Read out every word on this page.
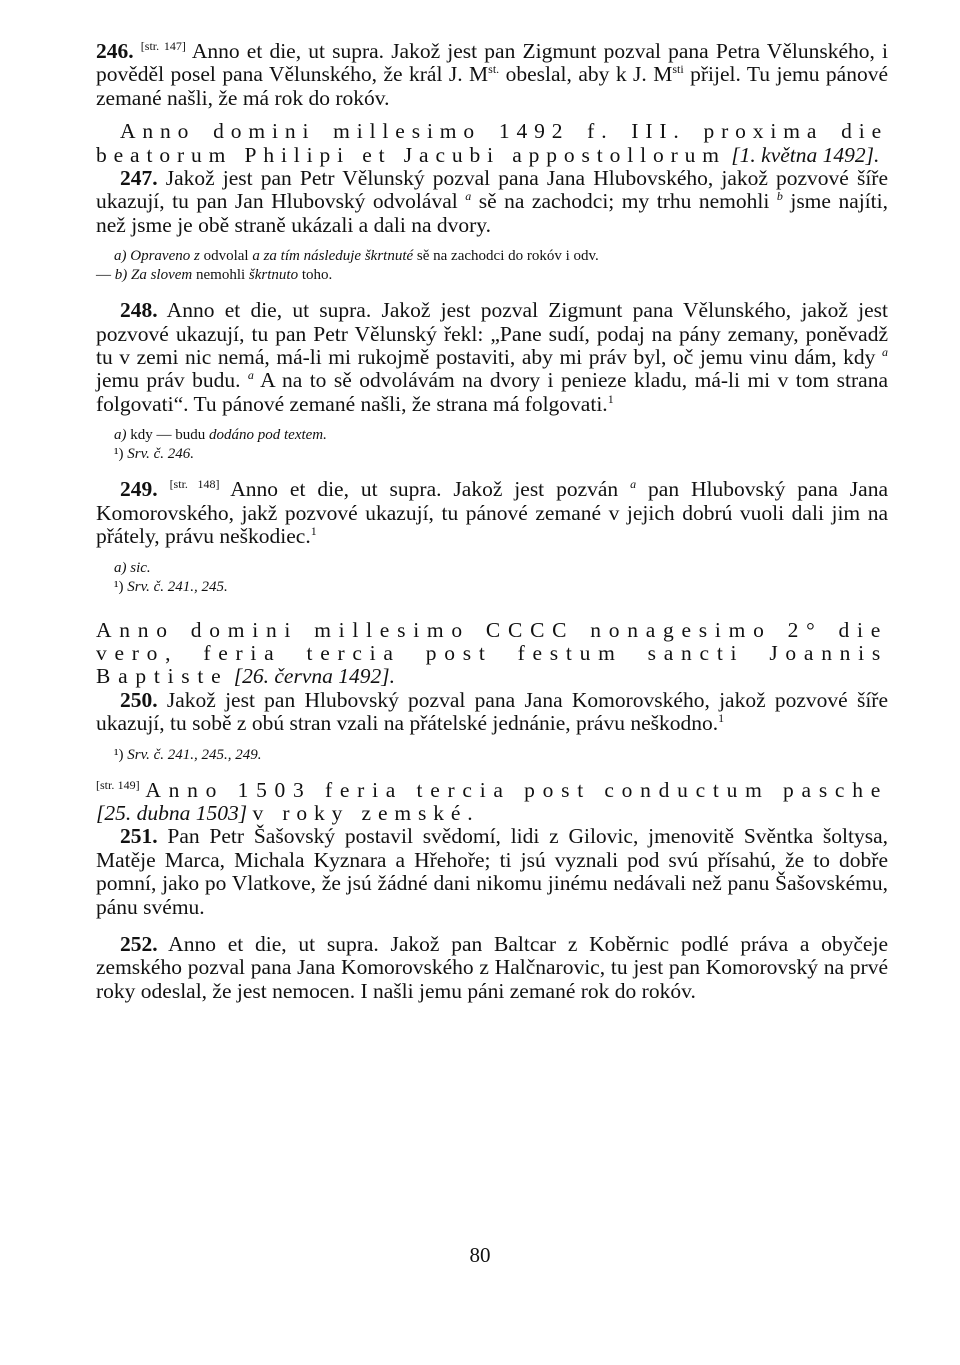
246. [str. 147] Anno et die, ut supra. Jakož jest pan Zigmunt pozval pana Petra Vělunského, i pověděl posel pana Vělunského, že král J. $M^{st.}$ obeslal, aby k J. $M^{sti}$ přijel. Tu jemu pánové zemané našli, že má rok do rokóv.

Anno domini millesimo 1492 f. III. proxima die beatorum Philipi et Jacubi appostollorum [1. května 1492].

247. Jakož jest pan Petr Vělunský pozval pana Jana Hlubovského, jakož pozvové šíře ukazují, tu pan Jan Hlubovský odvolával $^a$ sě na zachodci; my trhu nemohli $^b$ jsme najíti, než jsme je obě straně ukázali a dali na dvory.

a) Opraveno z odvolal a za tím následuje škrtnuté sě na zachodci do rokóv i odv.

— b) Za slovem nemohli škrtnuto toho.

248. Anno et die, ut supra. Jakož jest pozval Zigmunt pana Vělunského, jakož jest pozvové ukazují, tu pan Petr Vělunský řekl: „Pane sudí, podaj na pány zemany, poněvadž tu v zemi nic nemá, má-li mi rukojmě postaviti, aby mi práv byl, oč jemu vinu dám, kdy $^a$ jemu práv budu. $^a$ A na to sě odvolávám na dvory i penieze kladu, má-li mi v tom strana folgovati“. Tu pánové zemané našli, že strana má folgovati.$^1$

a) kdy — budu dodáno pod textem.

¹) Srv. č. 246.

249. [str. 148] Anno et die, ut supra. Jakož jest pozván $^a$ pan Hlubovský pana Jana Komorovského, jakž pozvové ukazují, tu pánové zemané v jejich dobrú vuoli dali jim na přátely, právu neškodiec.$^1$

a) sic.

¹) Srv. č. 241., 245.

Anno domini millesimo CCCC nonagesimo 2° die vero, feria tercia post festum sancti Joannis Baptiste [26. června 1492].

250. Jakož jest pan Hlubovský pozval pana Jana Komorovského, jakož pozvové šíře ukazují, tu sobě z obú stran vzali na přátelské jednánie, právu neškodno.$^1$

¹) Srv. č. 241., 245., 249.

[str. 149] Anno 1503 feria tercia post conductum pasche [25. dubna 1503] v roky zemské.

251. Pan Petr Šašovský postavil svědomí, lidi z Gilovic, jmenovitě Svěntka šoltysa, Matěje Marca, Michala Kyznara a Hřehoře; ti jsú vyznali pod svú přísahú, že to dobře pomní, jako po Vlatkove, že jsú žádné dani nikomu jinému nedávali než panu Šašovskému, pánu svému.

252. Anno et die, ut supra. Jakož pan Baltcar z Koběrnic podlé práva a obyčeje zemského pozval pana Jana Komorovského z Halčnarovic, tu jest pan Komorovský na prvé roky odeslal, že jest nemocen. I našli jemu páni zemané rok do rokóv.

80
